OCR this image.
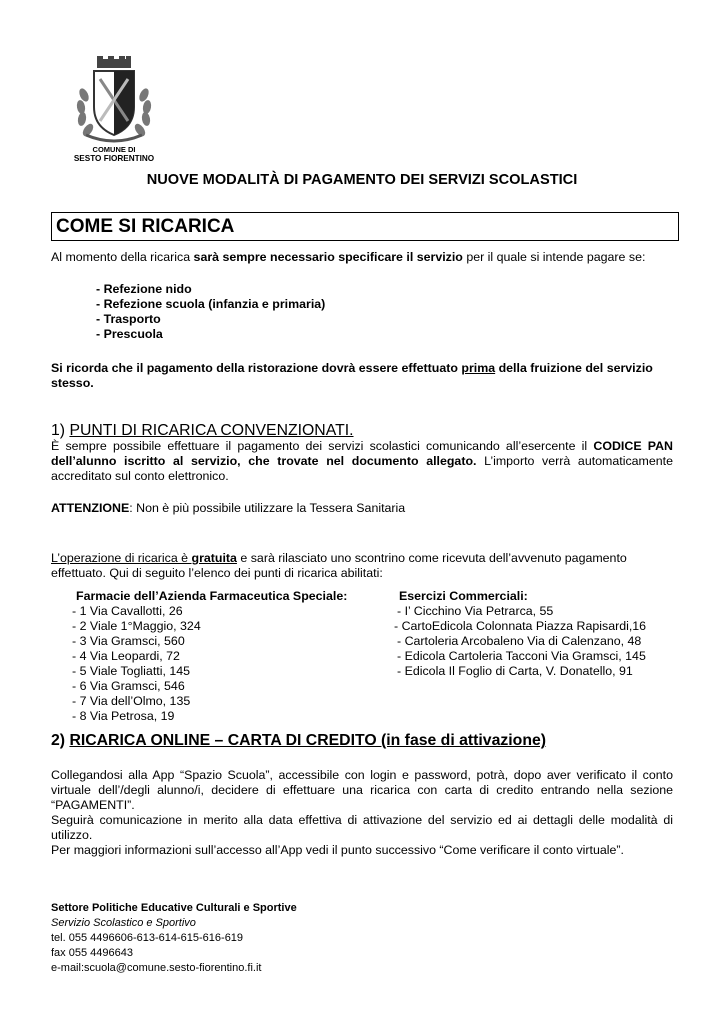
COMUNE DI
SESTO FIORENTINO
NUOVE MODALITÀ DI PAGAMENTO DEI SERVIZI SCOLASTICI
COME SI RICARICA
Al momento della ricarica sarà sempre necessario specificare il servizio per il quale si intende pagare se:
- Refezione nido
- Refezione scuola (infanzia e primaria)
- Trasporto
- Prescuola
Si ricorda che il pagamento della ristorazione dovrà essere effettuato prima della fruizione del servizio stesso.
1) PUNTI DI RICARICA CONVENZIONATI.
È sempre possibile effettuare il pagamento dei servizi scolastici comunicando all’esercente il CODICE PAN dell’alunno iscritto al servizio, che trovate nel documento allegato. L’importo verrà automaticamente accreditato sul conto elettronico.
ATTENZIONE: Non è più possibile utilizzare la Tessera Sanitaria
L’operazione di ricarica è gratuita e sarà rilasciato uno scontrino come ricevuta dell’avvenuto pagamento effettuato. Qui di seguito l’elenco dei punti di ricarica abilitati:
Farmacie dell’Azienda Farmaceutica Speciale:
- 1 Via Cavallotti, 26
- 2 Viale 1°Maggio, 324
- 3 Via Gramsci, 560
- 4 Via Leopardi, 72
- 5 Viale Togliatti, 145
- 6 Via Gramsci, 546
- 7 Via dell’Olmo, 135
- 8 Via Petrosa, 19
Esercizi Commerciali:
- I’ Cicchino Via Petrarca, 55
- CartoEdicola Colonnata Piazza Rapisardi,16
- Cartoleria Arcobaleno Via di Calenzano, 48
- Edicola Cartoleria Tacconi Via Gramsci, 145
- Edicola Il Foglio di Carta, V. Donatello, 91
2) RICARICA ONLINE – CARTA DI CREDITO (in fase di attivazione)
Collegandosi alla App “Spazio Scuola”, accessibile con login e password, potrà, dopo aver verificato il conto virtuale dell’/degli alunno/i, decidere di effettuare una ricarica con carta di credito entrando nella sezione “PAGAMENTI”.
Seguirà comunicazione in merito alla data effettiva di attivazione del servizio ed ai dettagli delle modalità di utilizzo.
Per maggiori informazioni sull’accesso all’App vedi il punto successivo “Come verificare il conto virtuale”.
Settore Politiche Educative Culturali e Sportive
Servizio Scolastico e Sportivo
tel. 055 4496606-613-614-615-616-619
fax 055 4496643
e-mail:scuola@comune.sesto-fiorentino.fi.it
